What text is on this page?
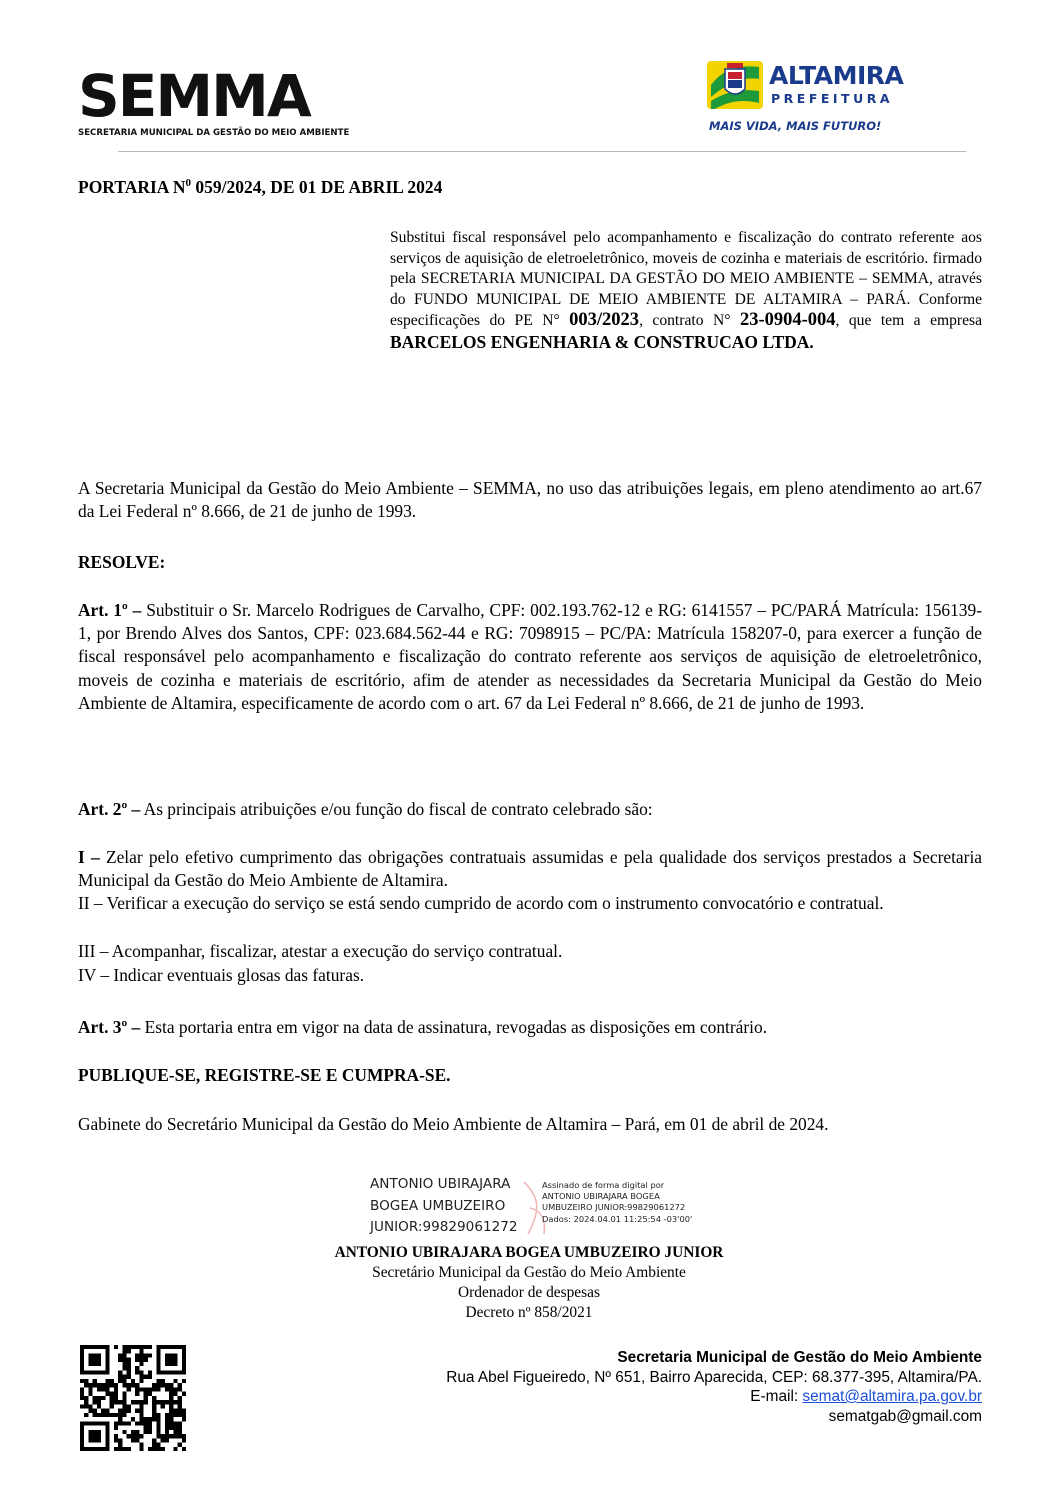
SEMMA
SECRETARIA MUNICIPAL DA GESTÃO DO MEIO AMBIENTE
ALTAMIRA
PREFEITURA
MAIS VIDA, MAIS FUTURO!
PORTARIA $N^0$ 059/2024, DE 01 DE ABRIL 2024

Substitui fiscal responsável pelo acompanhamento e fiscalização do contrato referente aos serviços de aquisição de eletroeletrônico, moveis de cozinha e materiais de escritório. firmado pela SECRETARIA MUNICIPAL DA GESTÃO DO MEIO AMBIENTE – SEMMA, através do FUNDO MUNICIPAL DE MEIO AMBIENTE DE ALTAMIRA – PARÁ. Conforme especificações do PE N° 003/2023, contrato N° 23-0904-004, que tem a empresa BARCELOS ENGENHARIA & CONSTRUCAO LTDA.

A Secretaria Municipal da Gestão do Meio Ambiente – SEMMA, no uso das atribuições legais, em pleno atendimento ao art.67 da Lei Federal nº 8.666, de 21 de junho de 1993.

RESOLVE:

Art. 1º – Substituir o Sr. Marcelo Rodrigues de Carvalho, CPF: 002.193.762-12 e RG: 6141557 – PC/PARÁ Matrícula: 156139-1, por Brendo Alves dos Santos, CPF: 023.684.562-44 e RG: 7098915 – PC/PA: Matrícula 158207-0, para exercer a função de fiscal responsável pelo acompanhamento e fiscalização do contrato referente aos serviços de aquisição de eletroeletrônico, moveis de cozinha e materiais de escritório, afim de atender as necessidades da Secretaria Municipal da Gestão do Meio Ambiente de Altamira, especificamente de acordo com o art. 67 da Lei Federal nº 8.666, de 21 de junho de 1993.

Art. 2º – As principais atribuições e/ou função do fiscal de contrato celebrado são:

I – Zelar pelo efetivo cumprimento das obrigações contratuais assumidas e pela qualidade dos serviços prestados a Secretaria Municipal da Gestão do Meio Ambiente de Altamira.

II – Verificar a execução do serviço se está sendo cumprido de acordo com o instrumento convocatório e contratual.

III – Acompanhar, fiscalizar, atestar a execução do serviço contratual.

IV – Indicar eventuais glosas das faturas.

Art. 3º – Esta portaria entra em vigor na data de assinatura, revogadas as disposições em contrário.

PUBLIQUE-SE, REGISTRE-SE E CUMPRA-SE.

Gabinete do Secretário Municipal da Gestão do Meio Ambiente de Altamira – Pará, em 01 de abril de 2024.

ANTONIO UBIRAJARA
BOGEA UMBUZEIRO
JUNIOR:99829061272
Assinado de forma digital por
ANTONIO UBIRAJARA BOGEA
UMBUZEIRO JUNIOR:99829061272
Dados: 2024.04.01 11:25:54 -03'00'
ANTONIO UBIRAJARA BOGEA UMBUZEIRO JUNIOR
Secretário Municipal da Gestão do Meio Ambiente
Ordenador de despesas
Decreto nº 858/2021
Secretaria Municipal de Gestão do Meio Ambiente
Rua Abel Figueiredo, Nº 651, Bairro Aparecida, CEP: 68.377-395, Altamira/PA.
E-mail: semat@altamira.pa.gov.br
sematgab@gmail.com
